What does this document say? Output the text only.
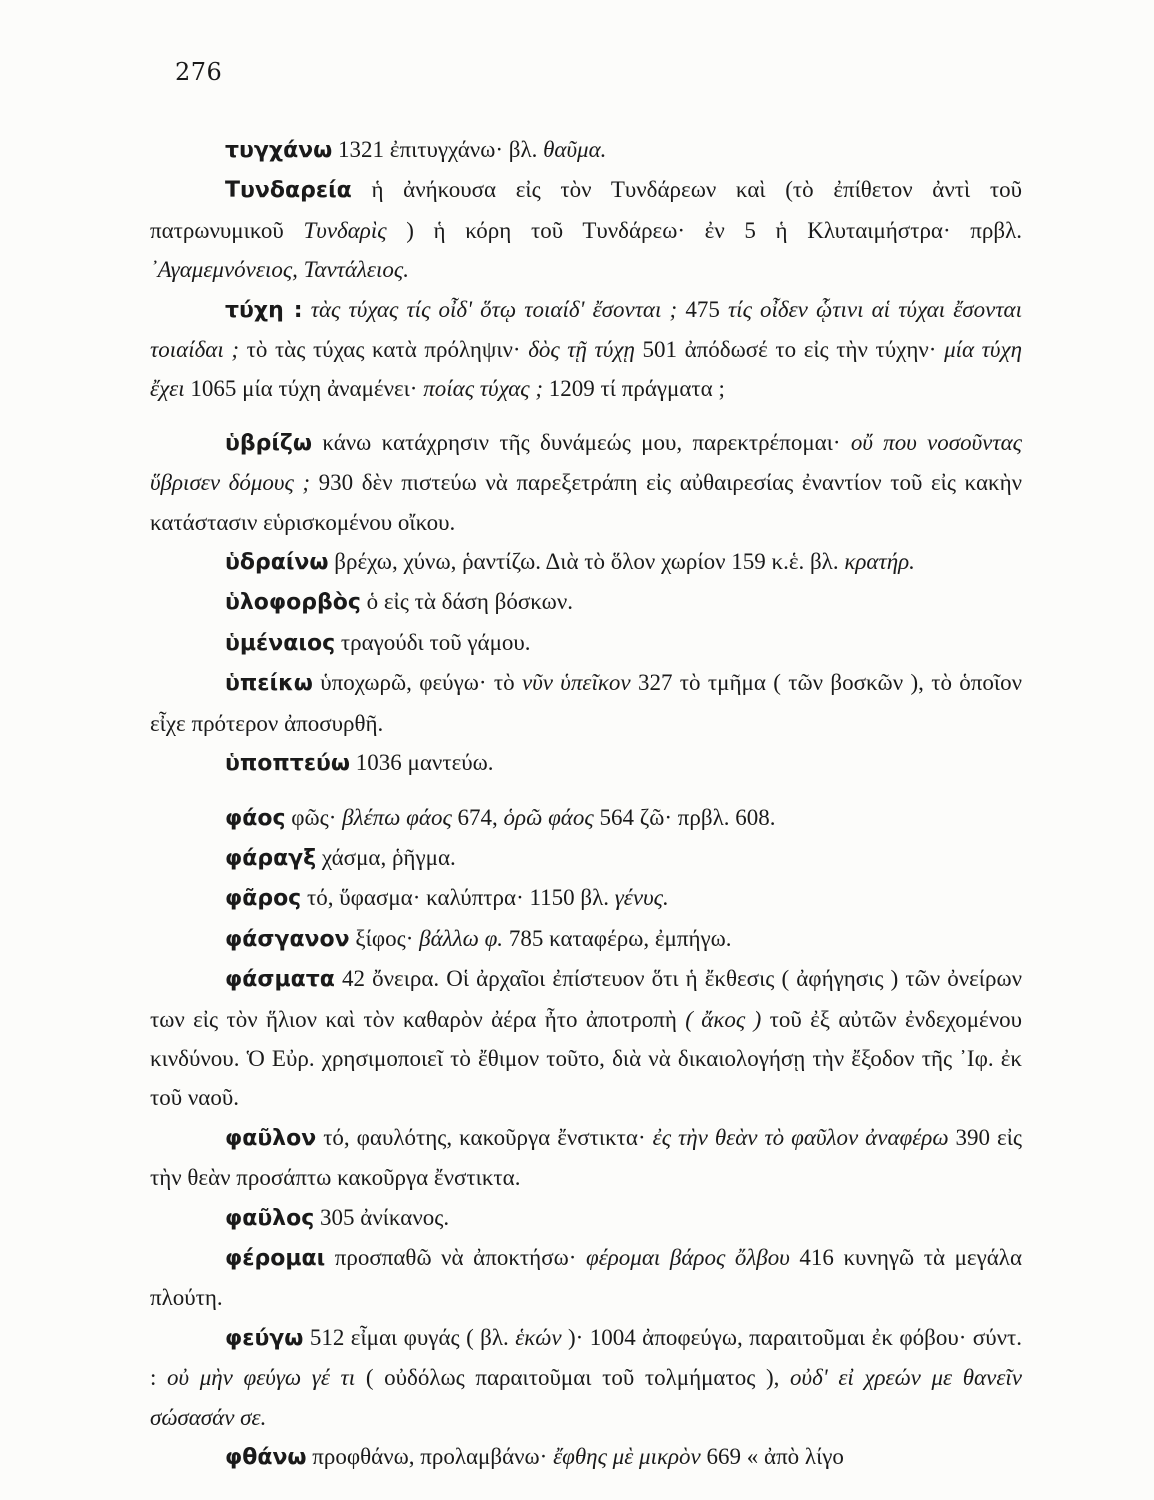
276

τυγχάνω 1321 ἐπιτυγχάνω· βλ. θαῦμα.

Τυνδαρεία ἡ ἀνήκουσα εἰς τὸν Τυνδάρεων καὶ (τὸ ἐπίθετον ἀντὶ τοῦ πατρωνυμικοῦ Τυνδαρὶς ) ἡ κόρη τοῦ Τυνδάρεω· ἐν 5 ἡ Κλυταιμήστρα· πρβλ. ᾿Αγαμεμνόνειος, Ταντάλειος.

τύχη : τὰς τύχας τίς οἶδ' ὅτῳ τοιαίδ' ἔσονται ; 475 τίς οἶδεν ᾧτινι αἱ τύχαι ἔσονται τοιαίδαι ; τὸ τὰς τύχας κατὰ πρόληψιν· δὸς τῇ τύχῃ 501 ἀπόδωσέ το εἰς τὴν τύχην· μία τύχη ἔχει 1065 μία τύχη ἀναμένει· ποίας τύχας ; 1209 τί πράγματα ;

ὑβρίζω κάνω κατάχρησιν τῆς δυνάμεώς μου, παρεκτρέπομαι· οὔ που νοσοῦντας ὕβρισεν δόμους ; 930 δὲν πιστεύω νὰ παρεξετράπη εἰς αὐθαιρεσίας ἐναντίον τοῦ εἰς κακὴν κατάστασιν εὑρισκομένου οἴκου.

ὑδραίνω βρέχω, χύνω, ῥαντίζω. Διὰ τὸ ὅλον χωρίον 159 κ.ἑ. βλ. κρατήρ.

ὑλοφορβὸς ὁ εἰς τὰ δάση βόσκων.

ὑμέναιος τραγούδι τοῦ γάμου.

ὑπείκω ὑποχωρῶ, φεύγω· τὸ νῦν ὑπεῖκον 327 τὸ τμῆμα ( τῶν βοσκῶν ), τὸ ὁποῖον εἶχε πρότερον ἀποσυρθῆ.

ὑποπτεύω 1036 μαντεύω.

φάος φῶς· βλέπω φάος 674, ὁρῶ φάος 564 ζῶ· πρβλ. 608.

φάραγξ χάσμα, ῥῆγμα.

φᾶρος τό, ὕφασμα· καλύπτρα· 1150 βλ. γένυς.

φάσγανον ξίφος· βάλλω φ. 785 καταφέρω, ἐμπήγω.

φάσματα 42 ὄνειρα. Οἱ ἀρχαῖοι ἐπίστευον ὅτι ἡ ἔκθεσις ( ἀφήγησις ) τῶν ὀνείρων των εἰς τὸν ἥλιον καὶ τὸν καθαρὸν ἀέρα ἦτο ἀποτροπὴ ( ἄκος ) τοῦ ἐξ αὐτῶν ἐνδεχομένου κινδύνου. Ὁ Εὐρ. χρησιμοποιεῖ τὸ ἔθιμον τοῦτο, διὰ νὰ δικαιολογήσῃ τὴν ἔξοδον τῆς ᾿Ιφ. ἐκ τοῦ ναοῦ.

φαῦλον τό, φαυλότης, κακοῦργα ἔνστικτα· ἐς τὴν θεὰν τὸ φαῦλον ἀναφέρω 390 εἰς τὴν θεὰν προσάπτω κακοῦργα ἔνστικτα.

φαῦλος 305 ἀνίκανος.

φέρομαι προσπαθῶ νὰ ἀποκτήσω· φέρομαι βάρος ὄλβου 416 κυνηγῶ τὰ μεγάλα πλούτη.

φεύγω 512 εἶμαι φυγάς ( βλ. ἑκών )· 1004 ἀποφεύγω, παραιτοῦμαι ἐκ φόβου· σύντ. : οὐ μὴν φεύγω γέ τι ( οὐδόλως παραιτοῦμαι τοῦ τολμήματος ), οὐδ' εἰ χρεών με θανεῖν σώσασάν σε.

φθάνω προφθάνω, προλαμβάνω· ἔφθης μὲ μικρὸν 669 « ἀπὸ λίγο
